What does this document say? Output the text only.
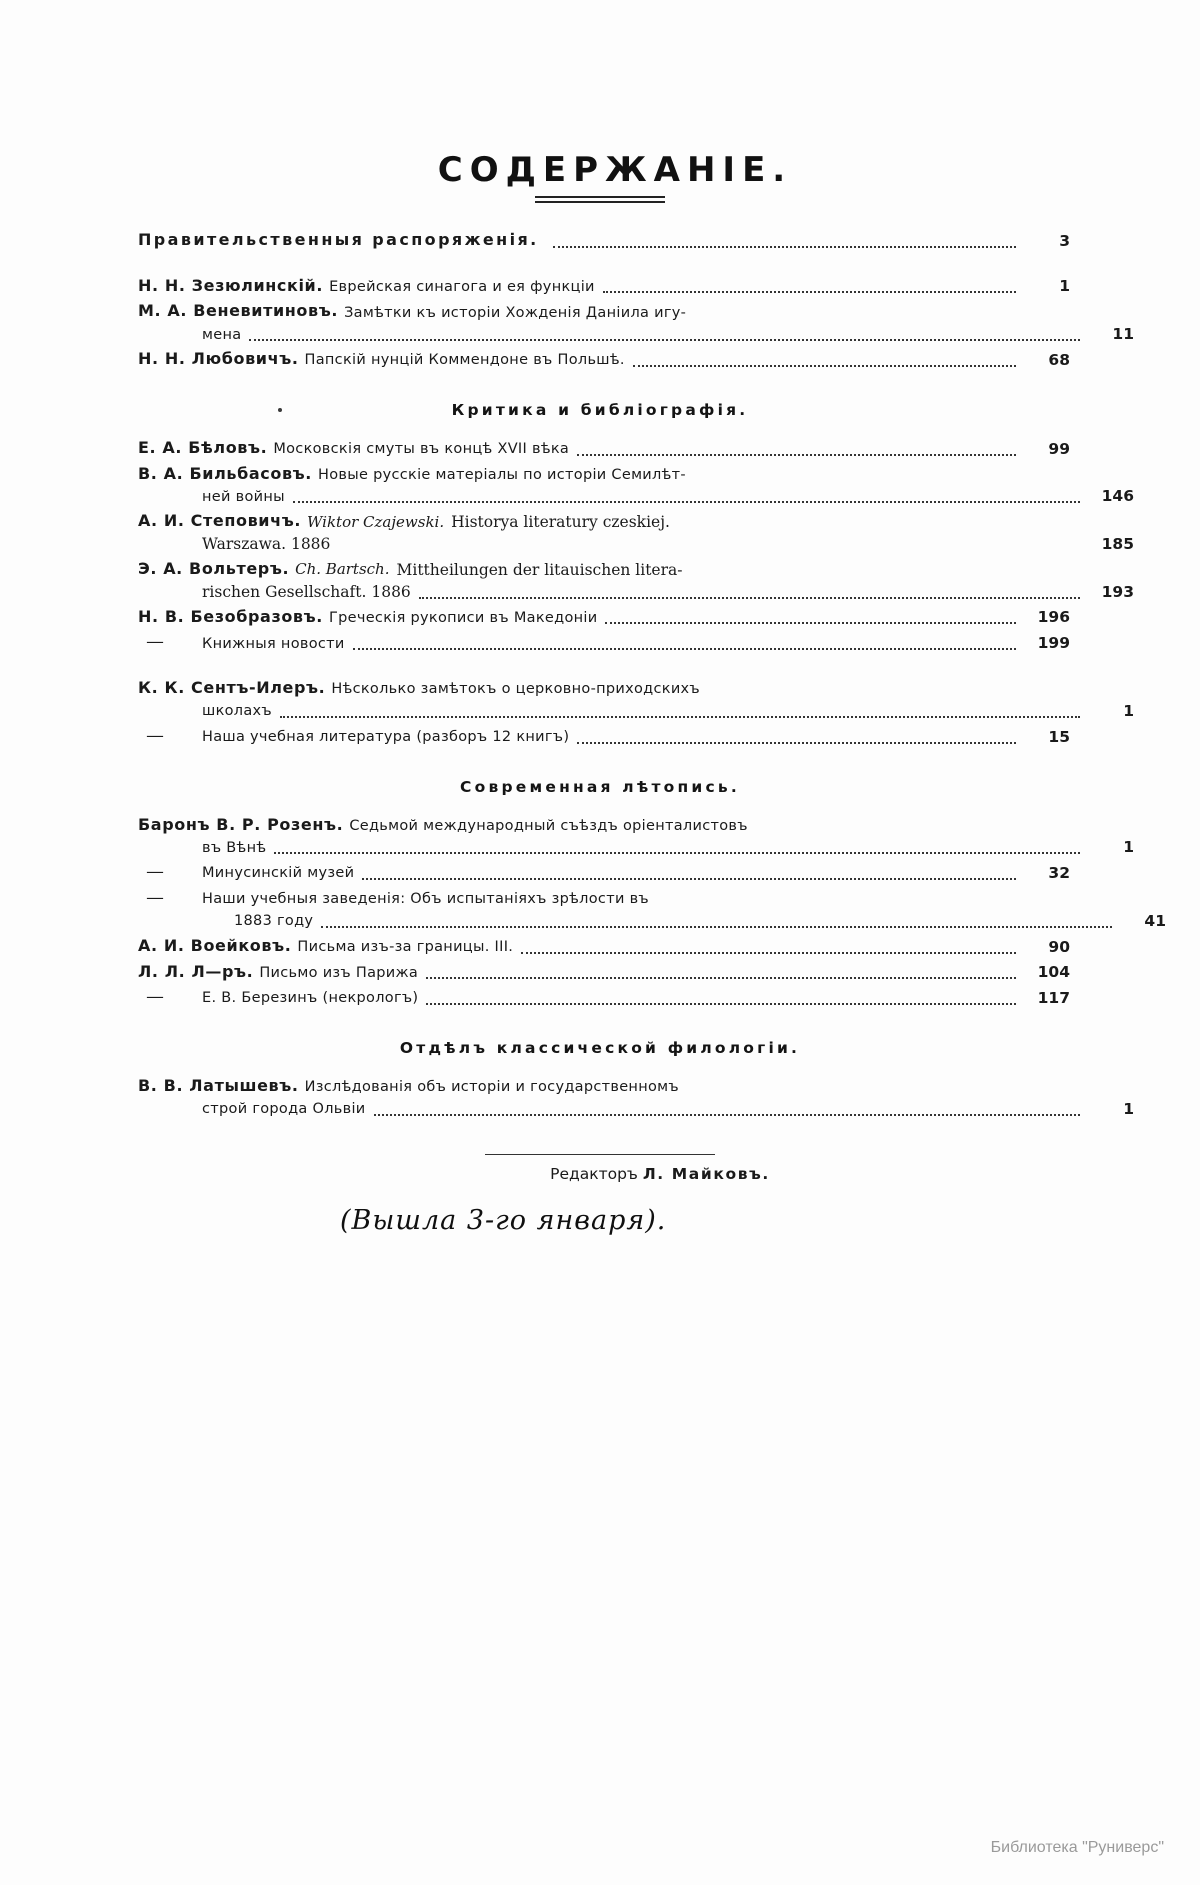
СОДЕРЖАНІЕ.
Правительственныя распоряженія.	3
Н. Н. Зезюлинскій. Еврейская синагога и ея функціи	1
М. А. Веневитиновъ. Замѣтки къ исторіи Хожденія Даніила игу-
мена	11
Н. Н. Любовичъ. Папскій нунцій Коммендоне въ Польшѣ.	68
Критика и библіографія.
Е. А. Бѣловъ. Московскія смуты въ концѣ XVII вѣка	99
В. А. Бильбасовъ. Новые русскіе матеріалы по исторіи Семилѣт-
ней войны	146
А. И. Степовичъ. Wiktor Czajewski. Historya literatury czeskiej.
Warszawa. 1886	185
Э. А. Вольтеръ. Ch. Bartsch. Mittheilungen der litauischen litera-
rischen Gesellschaft. 1886	193
Н. В. Безобразовъ. Греческія рукописи въ Македоніи	196
—	Книжныя новости	199
К. К. Сентъ-Илеръ. Нѣсколько замѣтокъ о церковно-приходскихъ
школахъ	1
—	Наша учебная литература (разборъ 12 книгъ)	15
Современная лѣтопись.
Баронъ В. Р. Розенъ. Седьмой международный съѣздъ оріенталистовъ
въ Вѣнѣ	1
—	Минусинскій музей	32
—	Наши учебныя заведенія: Объ испытаніяхъ зрѣлости въ
1883 году	41
А. И. Воейковъ. Письма изъ-за границы. III.	90
Л. Л. Л—ръ. Письмо изъ Парижа	104
—	Е. В. Березинъ (некрологъ)	117
Отдѣлъ классической филологіи.
В. В. Латышевъ. Изслѣдованія объ исторіи и государственномъ
строй города Ольвіи	1
Редакторъ Л. Майковъ.
(Вышла 3-го января).
Библиотека "Руниверс"
